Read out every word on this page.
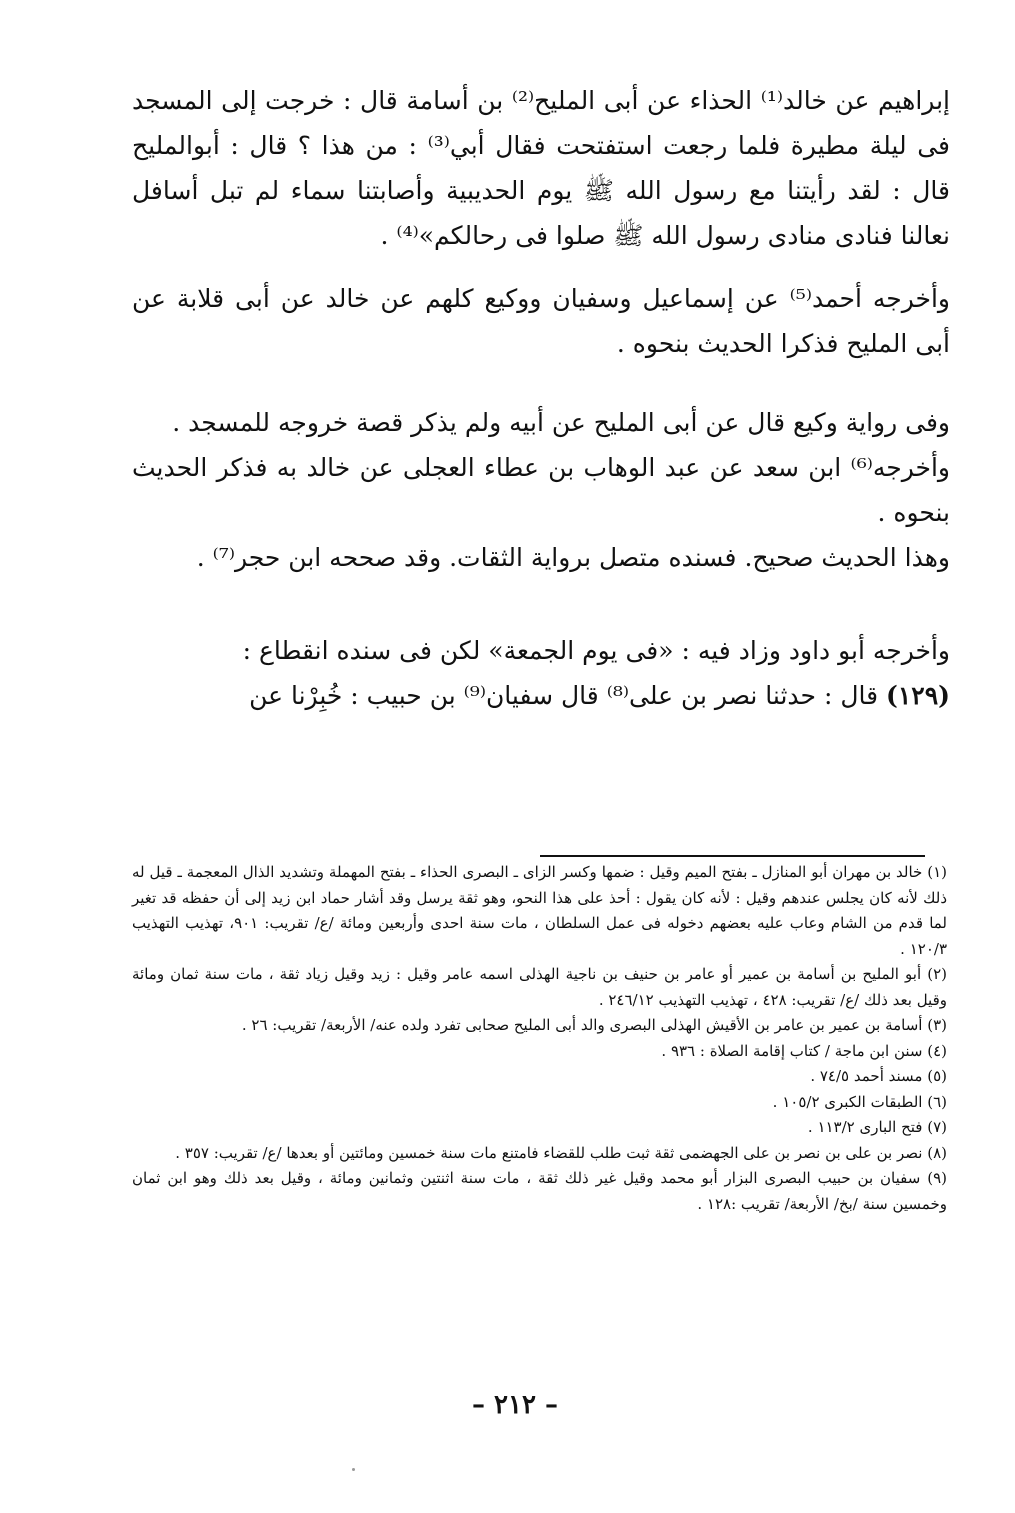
إبراهيم عن خالد⁽¹⁾ الحذاء عن أبى المليح⁽²⁾ بن أسامة قال : خرجت إلى المسجد فى ليلة مطيرة فلما رجعت استفتحت فقال أبي⁽³⁾ : من هذا ؟ قال : أبوالمليح قال : لقد رأيتنا مع رسول الله ﷺ يوم الحديبية وأصابتنا سماء لم تبل أسافل نعالنا فنادى منادى رسول الله ﷺ صلوا فى رحالكم»⁽⁴⁾ .

وأخرجه أحمد⁽⁵⁾ عن إسماعيل وسفيان ووكيع كلهم عن خالد عن أبى قلابة عن أبى المليح فذكرا الحديث بنحوه .

وفى رواية وكيع قال عن أبى المليح عن أبيه ولم يذكر قصة خروجه للمسجد .

وأخرجه⁽⁶⁾ ابن سعد عن عبد الوهاب بن عطاء العجلى عن خالد به فذكر الحديث بنحوه .

وهذا الحديث صحيح. فسنده متصل برواية الثقات. وقد صححه ابن حجر⁽⁷⁾ .

وأخرجه أبو داود وزاد فيه : «فى يوم الجمعة» لكن فى سنده انقطاع :

(١٢٩) قال : حدثنا نصر بن على⁽⁸⁾ قال سفيان⁽⁹⁾ بن حبيب : خُبِرْنا عن

(١) خالد بن مهران أبو المنازل ـ بفتح الميم وقيل : ضمها وكسر الزاى ـ البصرى الحذاء ـ بفتح المهملة وتشديد الذال المعجمة ـ قيل له ذلك لأنه كان يجلس عندهم وقيل : لأنه كان يقول : أحذ على هذا النحو، وهو ثقة يرسل وقد أشار حماد ابن زيد إلى أن حفظه قد تغير لما قدم من الشام وعاب عليه بعضهم دخوله فى عمل السلطان ، مات سنة احدى وأربعين ومائة /ع/ تقريب: ٩٠١، تهذيب التهذيب ١٢٠/٣ .

(٢) أبو المليح بن أسامة بن عمير أو عامر بن حنيف بن ناجية الهذلى اسمه عامر وقيل : زيد وقيل زياد ثقة ، مات سنة ثمان ومائة وقيل بعد ذلك /ع/ تقريب: ٤٢٨ ، تهذيب التهذيب ٢٤٦/١٢ .

(٣) أسامة بن عمير بن عامر بن الأقيش الهذلى البصرى والد أبى المليح صحابى تفرد ولده عنه/ الأربعة/ تقريب: ٢٦ .

(٤) سنن ابن ماجة / كتاب إقامة الصلاة : ٩٣٦ .

(٥) مسند أحمد ٧٤/٥ .

(٦) الطبقات الكبرى ١٠٥/٢ .

(٧) فتح البارى ١١٣/٢ .

(٨) نصر بن على بن نصر بن على الجهضمى ثقة ثبت طلب للقضاء فامتنع مات سنة خمسين ومائتين أو بعدها /ع/ تقريب: ٣٥٧ .

(٩) سفيان بن حبيب البصرى البزار أبو محمد وقيل غير ذلك ثقة ، مات سنة اثنتين وثمانين ومائة ، وقيل بعد ذلك وهو ابن ثمان وخمسين سنة /بخ/ الأربعة/ تقريب :١٢٨ .

– ٢١٢ –
